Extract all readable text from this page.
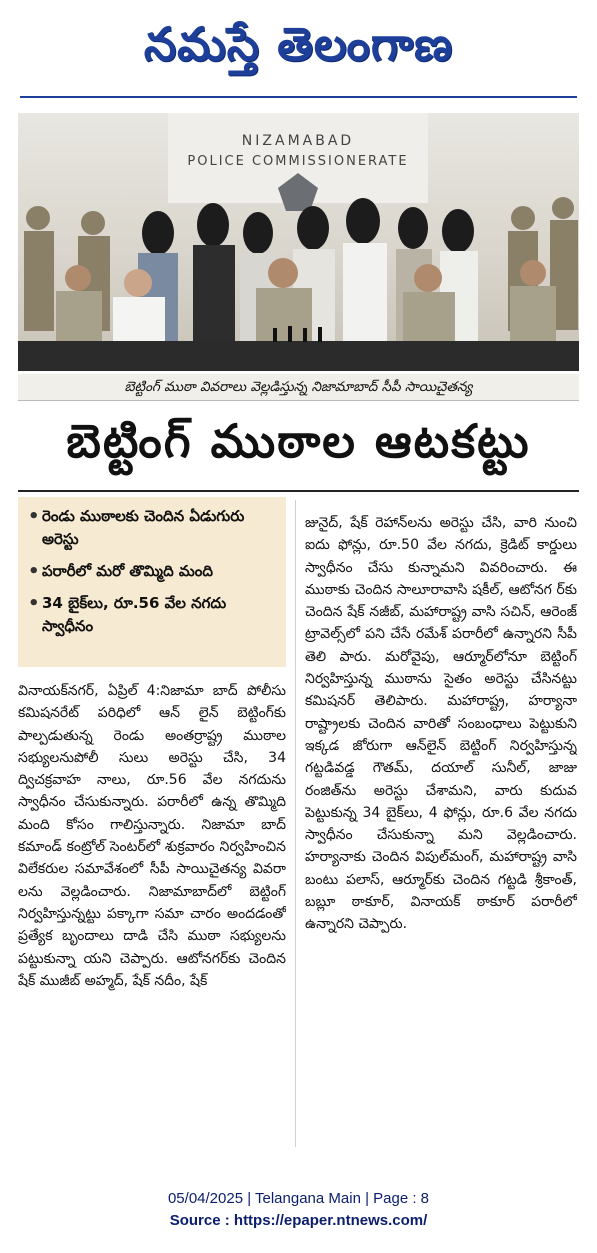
నమస్తే తెలంగాణ
NIZAMABAD
POLICE COMMISSIONERATE
బెట్టింగ్ ముఠా వివరాలు వెల్లడిస్తున్న నిజామాబాద్ సీపీ సాయిచైతన్య
బెట్టింగ్ ముఠాల ఆటకట్టు
• రెండు ముఠాలకు చెందిన ఏడుగురు అరెస్టు
• పరారీలో మరో తొమ్మిది మంది
• 34 బైక్‌లు, రూ.56 వేల నగదు స్వాధీనం

వినాయక్‌నగర్, ఏప్రిల్ 4:నిజామా బాద్ పోలీసు కమిషనరేట్ పరిధిలో ఆన్ లైన్ బెట్టింగ్‌కు పాల్పడుతున్న రెండు అంతర్రాష్ట్ర ముఠాల సభ్యులనుపోలీ సులు అరెస్టు చేసి, 34 ద్విచక్రవాహ నాలు, రూ.56 వేల నగదును స్వాధీనం చేసుకున్నారు. పరారీలో ఉన్న తొమ్మిది మంది కోసం గాలిస్తున్నారు. నిజామా బాద్ కమాండ్ కంట్రోల్ సెంటర్‌లో శుక్రవారం నిర్వహించిన విలేకరుల సమావేశంలో సీపీ సాయిచైతన్య వివరా లను వెల్లడించారు. నిజామాబాద్‌లో బెట్టింగ్ నిర్వహిస్తున్నట్టు పక్కాగా సమా చారం అందడంతో ప్రత్యేక బృందాలు దాడి చేసి ముఠా సభ్యులను పట్టుకున్నా యని చెప్పారు. ఆటోనగర్‌కు చెందిన షేక్ ముజీబ్ అహ్మద్, షేక్ నదీం, షేక్

జునైద్, షేక్ రెహాన్‌లను అరెస్టు చేసి, వారి నుంచి ఐదు ఫోన్లు, రూ.50 వేల నగదు, క్రెడిట్ కార్డులు స్వాధీనం చేసు కున్నామని వివరించారు. ఈ ముఠాకు చెందిన సాలూరావాసి షకీల్, ఆటోనగ ర్‌కు చెందిన షేక్ నజీబ్, మహారాష్ట్ర వాసి సచిన్, ఆరెంజ్ ట్రావెల్స్‌లో పని చేసే రమేశ్ పరారీలో ఉన్నారని సీపీ తెలి పారు. మరోవైపు, ఆర్మూర్‌లోనూ బెట్టింగ్ నిర్వహిస్తున్న ముఠాను సైతం అరెస్టు చేసినట్టు కమిషనర్ తెలిపారు. మహారాష్ట్ర, హర్యానా రాష్ట్రాలకు చెందిన వారితో సంబంధాలు పెట్టుకుని ఇక్కడ జోరుగా ఆన్‌లైన్ బెట్టింగ్ నిర్వహిస్తున్న గట్టడివడ్డ గౌతమ్, దయాల్ సునీల్, జాజు రంజిత్‌ను అరెస్టు చేశామని, వారు కుదువ పెట్టుకున్న 34 బైక్‌లు, 4 ఫోన్లు, రూ.6 వేల నగదు స్వాధీనం చేసుకున్నా మని వెల్లడించారు. హర్యానాకు చెందిన విపుల్‌మంగ్, మహారాష్ట్ర వాసి బంటు పలాస్, ఆర్మూర్‌కు చెందిన గట్టడి శ్రీకాంత్, బబ్లూ ఠాకూర్, వినాయక్ ఠాకూర్ పరారీలో ఉన్నారని చెప్పారు.

05/04/2025 | Telangana Main | Page : 8
Source : https://epaper.ntnews.com/
